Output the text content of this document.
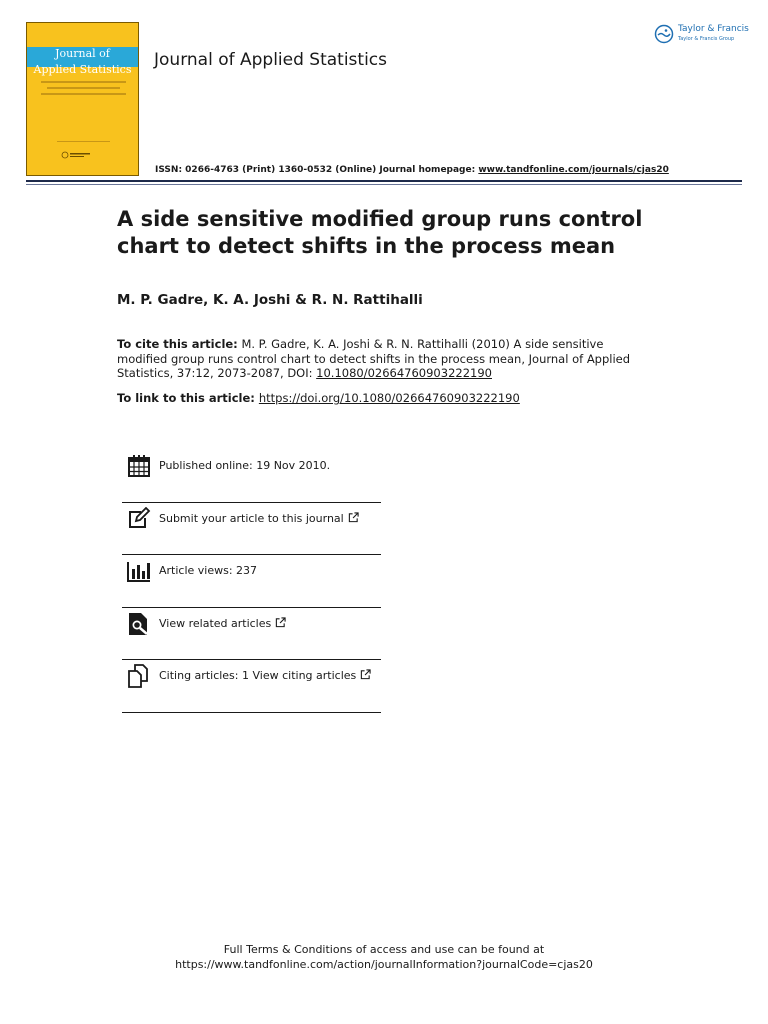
Journal of
Applied Statistics	Journal of Applied Statistics
Taylor & Francis
Taylor & Francis Group
ISSN: 0266-4763 (Print) 1360-0532 (Online) Journal homepage: www.tandfonline.com/journals/cjas20
A side sensitive modified group runs control chart to detect shifts in the process mean
M. P. Gadre, K. A. Joshi & R. N. Rattihalli
To cite this article: M. P. Gadre, K. A. Joshi & R. N. Rattihalli (2010) A side sensitive modified group runs control chart to detect shifts in the process mean, Journal of Applied Statistics, 37:12, 2073-2087, DOI: 10.1080/02664760903222190
To link to this article: https://doi.org/10.1080/02664760903222190
Published online: 19 Nov 2010.
Submit your article to this journal
Article views: 237
View related articles
Citing articles: 1 View citing articles
Full Terms & Conditions of access and use can be found at
https://www.tandfonline.com/action/journalInformation?journalCode=cjas20
